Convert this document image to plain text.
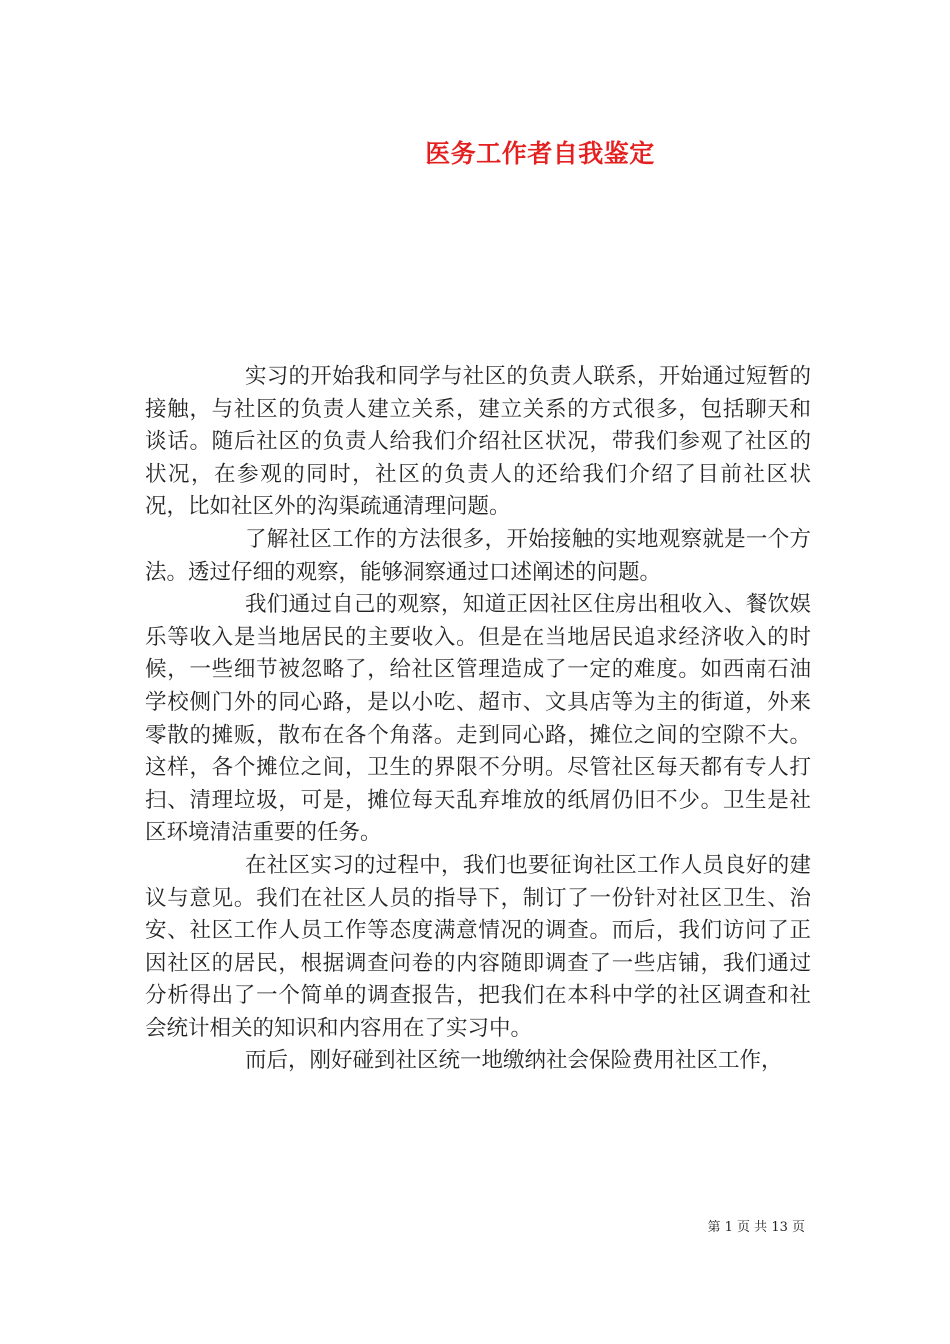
医务工作者自我鉴定

实习的开始我和同学与社区的负责人联系，开始通过短暂的接触，与社区的负责人建立关系，建立关系的方式很多，包括聊天和谈话。随后社区的负责人给我们介绍社区状况，带我们参观了社区的状况，在参观的同时，社区的负责人的还给我们介绍了目前社区状况，比如社区外的沟渠疏通清理问题。

了解社区工作的方法很多，开始接触的实地观察就是一个方法。透过仔细的观察，能够洞察通过口述阐述的问题。

我们通过自己的观察，知道正因社区住房出租收入、餐饮娱乐等收入是当地居民的主要收入。但是在当地居民追求经济收入的时候，一些细节被忽略了，给社区管理造成了一定的难度。如西南石油学校侧门外的同心路，是以小吃、超市、文具店等为主的街道，外来零散的摊贩，散布在各个角落。走到同心路，摊位之间的空隙不大。这样，各个摊位之间，卫生的界限不分明。尽管社区每天都有专人打扫、清理垃圾，可是，摊位每天乱弃堆放的纸屑仍旧不少。卫生是社区环境清洁重要的任务。

在社区实习的过程中，我们也要征询社区工作人员良好的建议与意见。我们在社区人员的指导下，制订了一份针对社区卫生、治安、社区工作人员工作等态度满意情况的调查。而后，我们访问了正因社区的居民，根据调查问卷的内容随即调查了一些店铺，我们通过分析得出了一个简单的调查报告，把我们在本科中学的社区调查和社会统计相关的知识和内容用在了实习中。

而后，刚好碰到社区统一地缴纳社会保险费用社区工作，

第 1 页 共 13 页
